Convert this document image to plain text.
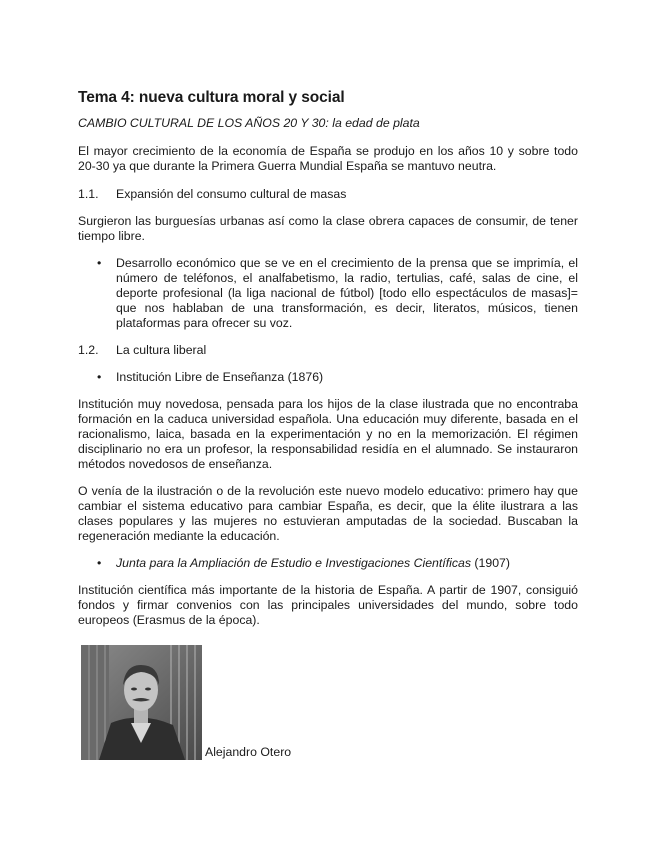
Tema 4: nueva cultura moral y social

CAMBIO CULTURAL DE LOS AÑOS 20 Y 30: la edad de plata

El mayor crecimiento de la economía de España se produjo en los años 10 y sobre todo 20-30 ya que durante la Primera Guerra Mundial España se mantuvo neutra.

1.1.	Expansión del consumo cultural de masas

Surgieron las burguesías urbanas así como la clase obrera capaces de consumir, de tener tiempo libre.

• Desarrollo económico que se ve en el crecimiento de la prensa que se imprimía, el número de teléfonos, el analfabetismo, la radio, tertulias, café, salas de cine, el deporte profesional (la liga nacional de fútbol) [todo ello espectáculos de masas]= que nos hablaban de una transformación, es decir, literatos, músicos, tienen plataformas para ofrecer su voz.
1.2.	La cultura liberal
• Institución Libre de Enseñanza (1876)

Institución muy novedosa, pensada para los hijos de la clase ilustrada que no encontraba formación en la caduca universidad española. Una educación muy diferente, basada en el racionalismo, laica, basada en la experimentación y no en la memorización. El régimen disciplinario no era un profesor, la responsabilidad residía en el alumnado. Se instauraron métodos novedosos de enseñanza.

O venía de la ilustración o de la revolución este nuevo modelo educativo: primero hay que cambiar el sistema educativo para cambiar España, es decir, que la élite ilustrara a las clases populares y las mujeres no estuvieran amputadas de la sociedad. Buscaban la regeneración mediante la educación.

• Junta para la Ampliación de Estudio e Investigaciones Científicas (1907)

Institución científica más importante de la historia de España. A partir de 1907, consiguió fondos y firmar convenios con las principales universidades del mundo, sobre todo europeos (Erasmus de la época).

Alejandro Otero
